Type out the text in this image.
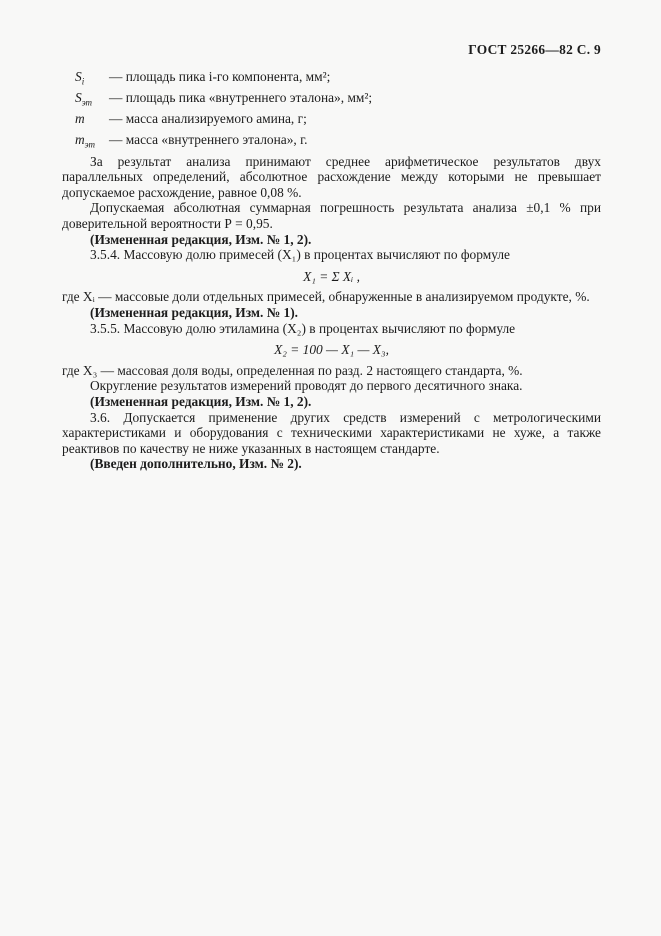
ГОСТ 25266—82 С. 9
$S_i$	— площадь пика i-го компонента, мм²;
$S_{эт}$	— площадь пика «внутреннего эталона», мм²;
m	— масса анализируемого амина, г;
$m_{эт}$	— масса «внутреннего эталона», г.

За результат анализа принимают среднее арифметическое результатов двух параллельных определений, абсолютное расхождение между которыми не превышает допускаемое расхождение, равное 0,08 %.

Допускаемая абсолютная суммарная погрешность результата анализа ±0,1 % при доверительной вероятности Р = 0,95.

(Измененная редакция, Изм. № 1, 2).

3.5.4. Массовую долю примесей (X₁) в процентах вычисляют по формуле

X₁ = Σ Xᵢ ,

где Xᵢ — массовые доли отдельных примесей, обнаруженные в анализируемом продукте, %.

(Измененная редакция, Изм. № 1).

3.5.5. Массовую долю этиламина (X₂) в процентах вычисляют по формуле

X₂ = 100 — X₁ — X₃,

где X₃ — массовая доля воды, определенная по разд. 2 настоящего стандарта, %.

Округление результатов измерений проводят до первого десятичного знака.

(Измененная редакция, Изм. № 1, 2).

3.6. Допускается применение других средств измерений с метрологическими характеристиками и оборудования с техническими характеристиками не хуже, а также реактивов по качеству не ниже указанных в настоящем стандарте.

(Введен дополнительно, Изм. № 2).
